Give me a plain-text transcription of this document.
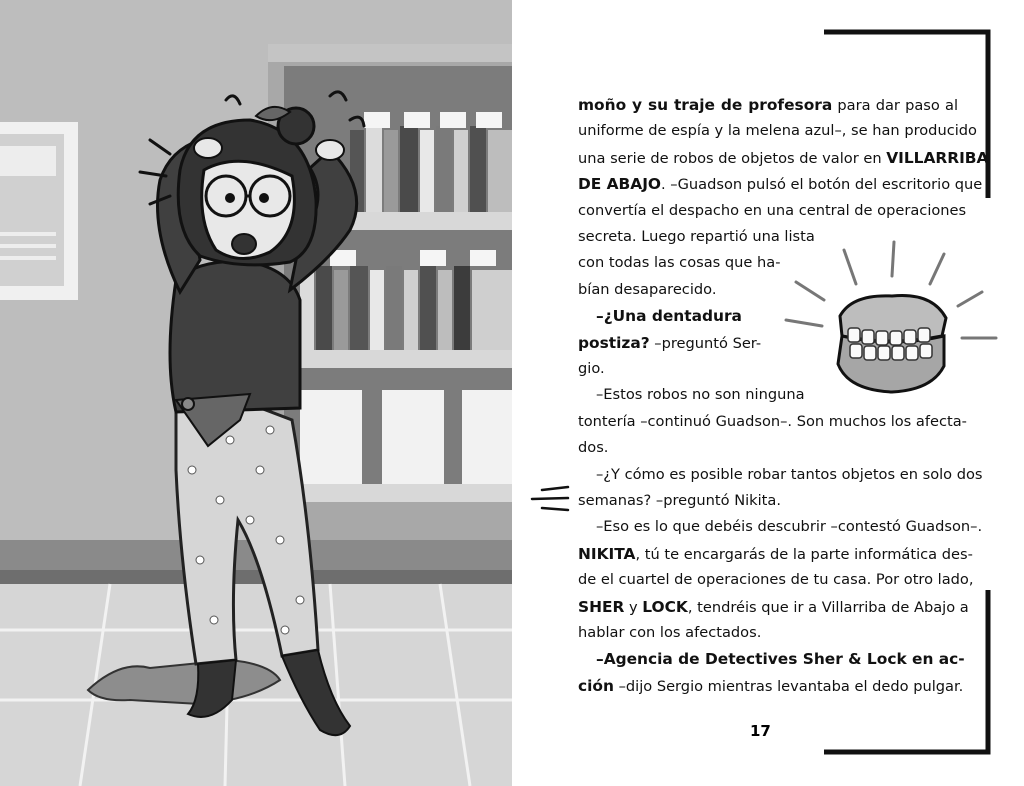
moño y su traje de profesora para dar paso al
uniforme de espía y la melena azul–, se han producido
una serie de robos de objetos de valor en VILLARRIBA
DE ABAJO. –Guadson pulsó el botón del escritorio que
convertía el despacho en una central de operaciones
secreta. Luego repartió una lista
con todas las cosas que ha-
bían desaparecido.
–¿Una dentadura
postiza? –preguntó Ser-
gio.
–Estos robos no son ninguna
tontería –continuó Guadson–. Son muchos los afecta-
dos.
–¿Y cómo es posible robar tantos objetos en solo dos
semanas? –preguntó Nikita.
–Eso es lo que debéis descubrir –contestó Guadson–.
NIKITA, tú te encargarás de la parte informática des-
de el cuartel de operaciones de tu casa. Por otro lado,
SHER y LOCK, tendréis que ir a Villarriba de Abajo a
hablar con los afectados.
–Agencia de Detectives Sher & Lock en ac-
ción –dijo Sergio mientras levantaba el dedo pulgar.
17
